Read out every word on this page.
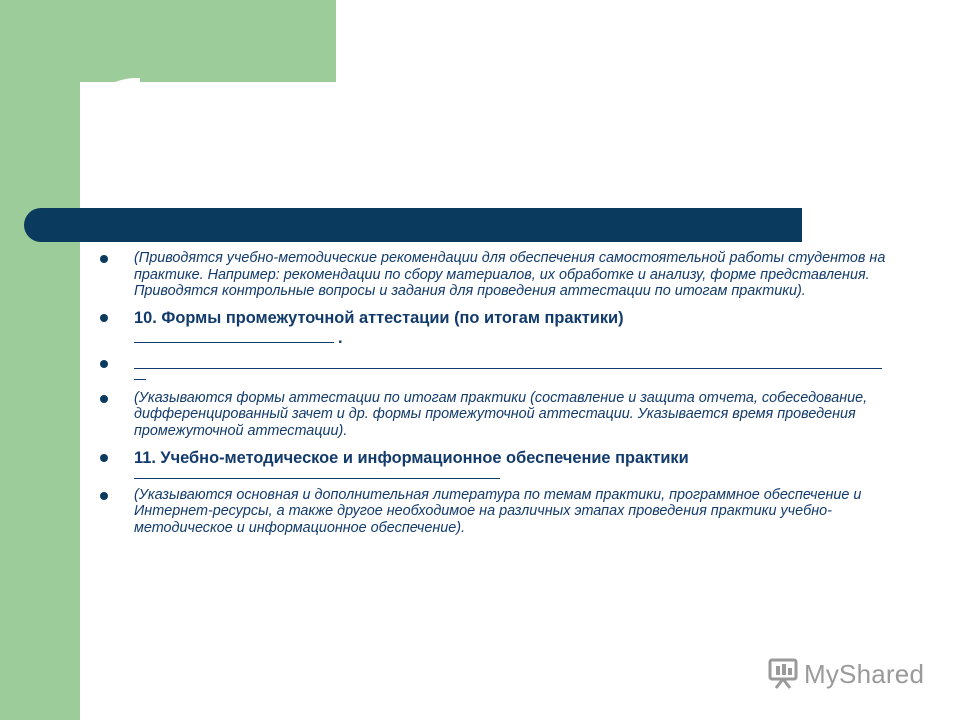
(Приводятся учебно-методические рекомендации для обеспечения самостоятельной работы студентов на практике. Например: рекомендации по сбору материалов, их обработке и анализу, форме представления. Приводятся контрольные вопросы и задания для проведения аттестации по итогам практики).
10. Формы промежуточной аттестации (по итогам практики)
.
(Указываются формы аттестации по итогам практики (составление и защита отчета, собеседование, дифференцированный зачет и др. формы промежуточной аттестации. Указывается время проведения промежуточной аттестации).
11. Учебно-методическое и информационное обеспечение практики
(Указываются основная и дополнительная литература по темам практики, программное обеспечение и Интернет-ресурсы, а также другое необходимое на различных этапах проведения практики учебно-методическое и информационное обеспечение).
MyShared
